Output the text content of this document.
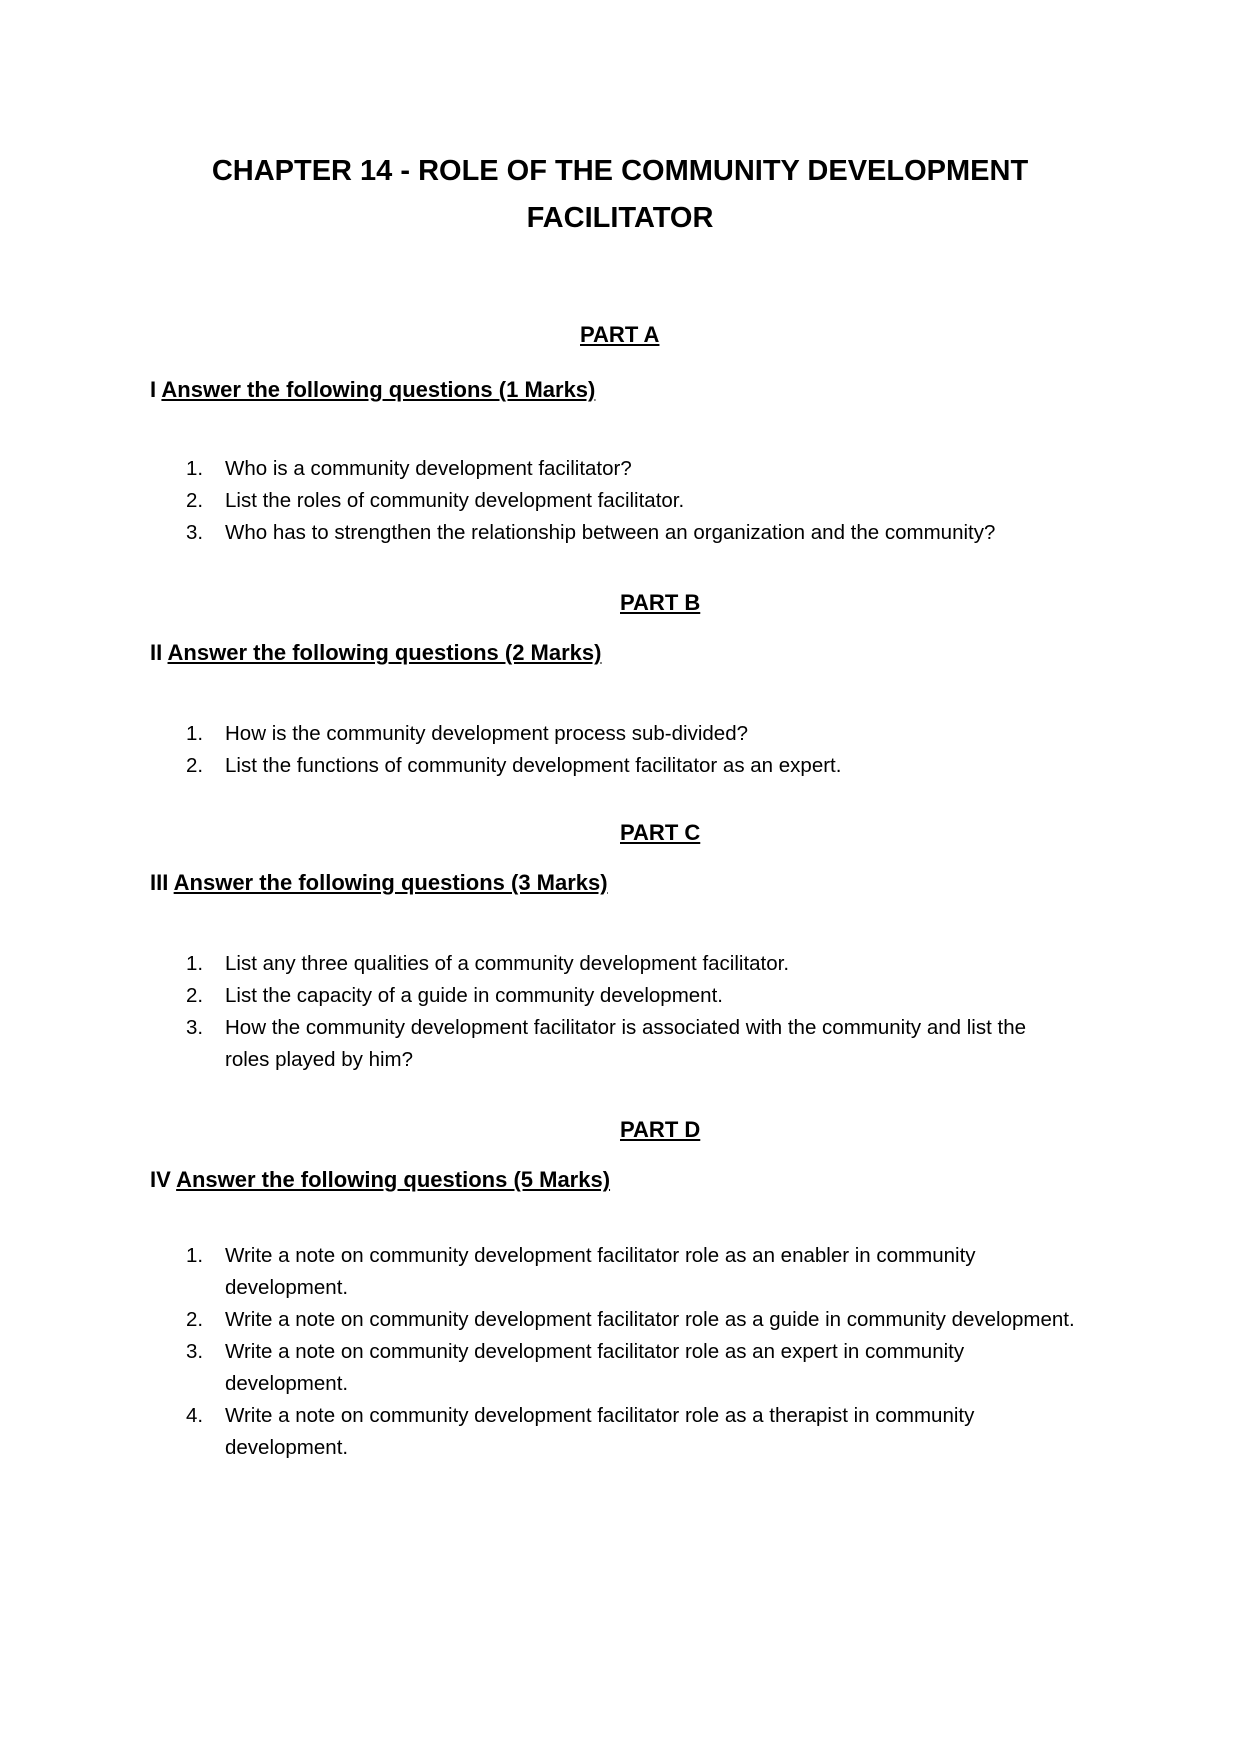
CHAPTER 14 - ROLE OF THE COMMUNITY DEVELOPMENT
FACILITATOR
PART A
I Answer the following questions (1 Marks)
1. Who is a community development facilitator?
2. List the roles of community development facilitator.
3. Who has to strengthen the relationship between an organization and the community?
PART B
II Answer the following questions (2 Marks)
1. How is the community development process sub-divided?
2. List the functions of community development facilitator as an expert.
PART C
III Answer the following questions (3 Marks)
1. List any three qualities of a community development facilitator.
2. List the capacity of a guide in community development.
3. How the community development facilitator is associated with the community and list the roles played by him?
PART D
IV Answer the following questions (5 Marks)
1. Write a note on community development facilitator role as an enabler in community development.
2. Write a note on community development facilitator role as a guide in community development.
3. Write a note on community development facilitator role as an expert in community development.
4. Write a note on community development facilitator role as a therapist in community development.
